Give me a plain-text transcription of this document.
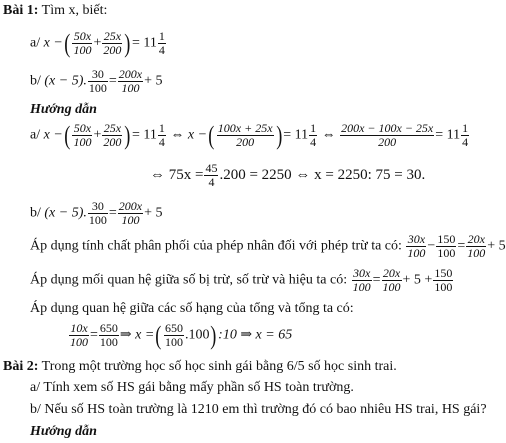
Bài 1: Tìm x, biết:
a/ x −( $\frac{50x}{100} + \frac{25x}{200}$ )= $11 \frac{1}{4}$
b/ (x − 5). $\frac{30}{100} = \frac{200x}{100} + 5$
Hướng dẫn
a/ x −( $\frac{50x}{100} + \frac{25x}{200}$ )= $11 \frac{1}{4}$ ⇔ x −( $\frac{100x + 25x}{200}$ )= $11 \frac{1}{4}$ ⇔ $\frac{200x - 100x - 25x}{200} = 11 \frac{1}{4}$
⇔ $75x = \frac{45}{4} .200 = 2250$ ⇔ x = 2250: 75 = 30.
b/ (x − 5). $\frac{30}{100} = \frac{200x}{100} + 5$
Áp dụng tính chất phân phối của phép nhân đối với phép trừ ta có: $\frac{30x}{100} - \frac{150}{100} = \frac{20x}{100} + 5$
Áp dụng mối quan hệ giữa số bị trừ, số trừ và hiệu ta có: $\frac{30x}{100} = \frac{20x}{100} + 5 + \frac{150}{100}$
Áp dụng quan hệ giữa các số hạng của tổng và tổng ta có:
$\frac{10x}{100} = \frac{650}{100}$ ⇒ x =( $\frac{650}{100}$ .100):10 ⇒ x = 65
Bài 2: Trong một trường học số học sinh gái bằng 6/5 số học sinh trai.
a/ Tính xem số HS gái bằng mấy phần số HS toàn trường.
b/ Nếu số HS toàn trường là 1210 em thì trường đó có bao nhiêu HS trai, HS gái?
Hướng dẫn
